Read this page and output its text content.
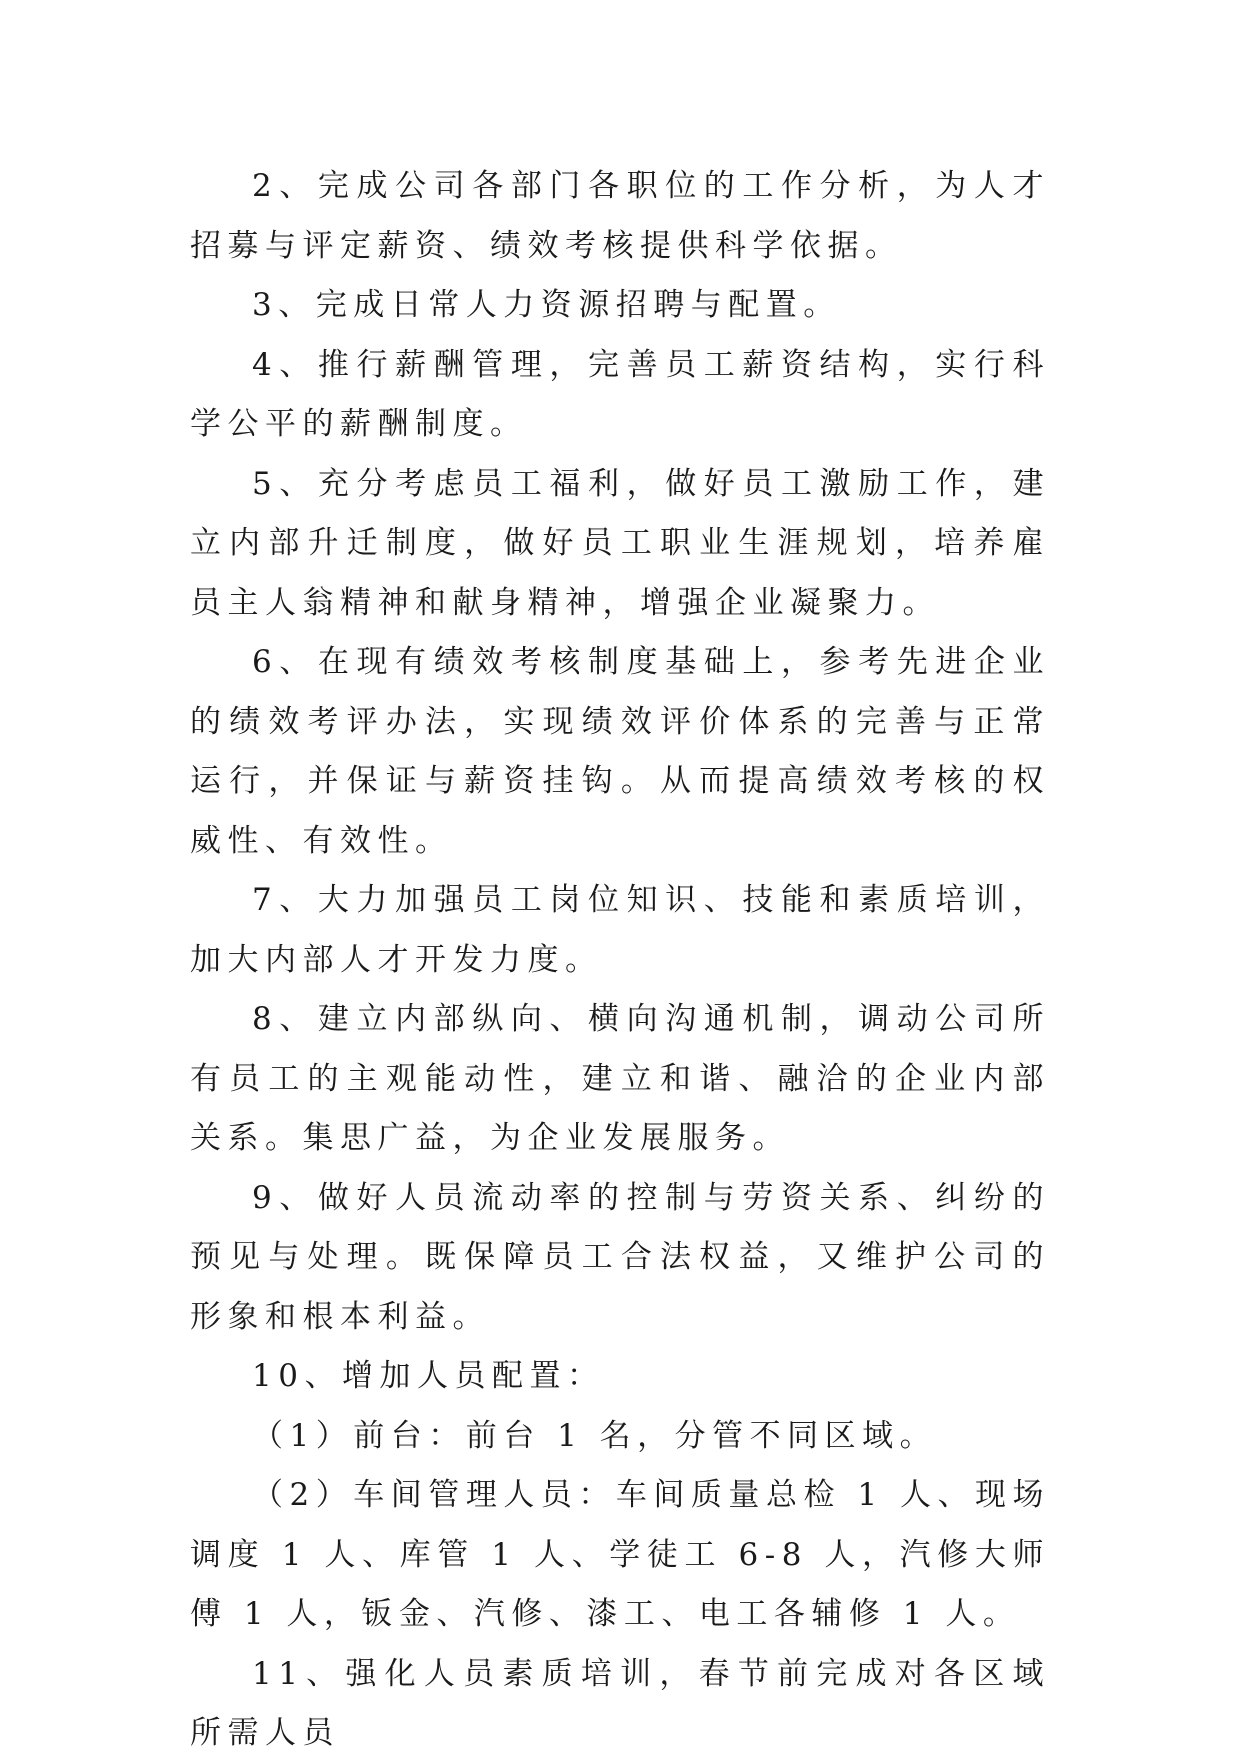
2、完成公司各部门各职位的工作分析，为人才招募与评定薪资、绩效考核提供科学依据。

3、完成日常人力资源招聘与配置。

4、推行薪酬管理，完善员工薪资结构，实行科学公平的薪酬制度。

5、充分考虑员工福利，做好员工激励工作，建立内部升迁制度，做好员工职业生涯规划，培养雇员主人翁精神和献身精神，增强企业凝聚力。

6、在现有绩效考核制度基础上，参考先进企业的绩效考评办法，实现绩效评价体系的完善与正常运行，并保证与薪资挂钩。从而提高绩效考核的权威性、有效性。

7、大力加强员工岗位知识、技能和素质培训，加大内部人才开发力度。

8、建立内部纵向、横向沟通机制，调动公司所有员工的主观能动性，建立和谐、融洽的企业内部关系。集思广益，为企业发展服务。

9、做好人员流动率的控制与劳资关系、纠纷的预见与处理。既保障员工合法权益，又维护公司的形象和根本利益。

10、增加人员配置：

（1）前台：前台 1 名，分管不同区域。

（2）车间管理人员：车间质量总检 1 人、现场调度 1 人、库管 1 人、学徒工 6-8 人，汽修大师傅 1 人，钣金、汽修、漆工、电工各辅修 1 人。

11、强化人员素质培训，春节前完成对各区域所需人员
